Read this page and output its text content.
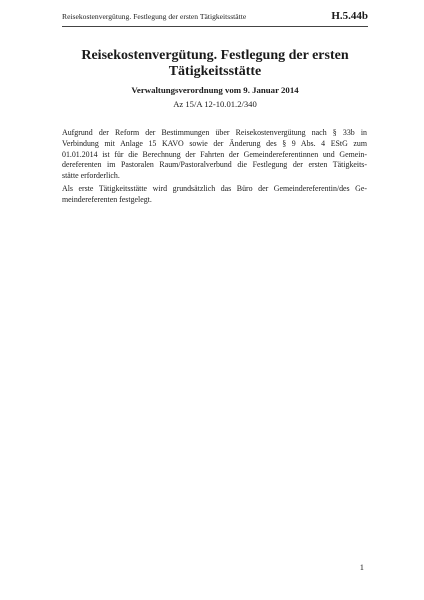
Reisekostenvergütung. Festlegung der ersten Tätigkeitsstätte	H.5.44b
Reisekostenvergütung. Festlegung der ersten
Tätigkeitsstätte
Verwaltungsverordnung vom 9. Januar 2014
Az 15/A 12-10.01.2/340
Aufgrund der Reform der Bestimmungen über Reisekostenvergütung nach § 33b in
Verbindung mit Anlage 15 KAVO sowie der Änderung des § 9 Abs. 4 EStG zum
01.01.2014 ist für die Berechnung der Fahrten der Gemeindereferentinnen und Gemein-
dereferenten im Pastoralen Raum/Pastoralverbund die Festlegung der ersten Tätigkeits-
stätte erforderlich.
Als erste Tätigkeitsstätte wird grundsätzlich das Büro der Gemeindereferentin/des Ge-
meindereferenten festgelegt.
1
